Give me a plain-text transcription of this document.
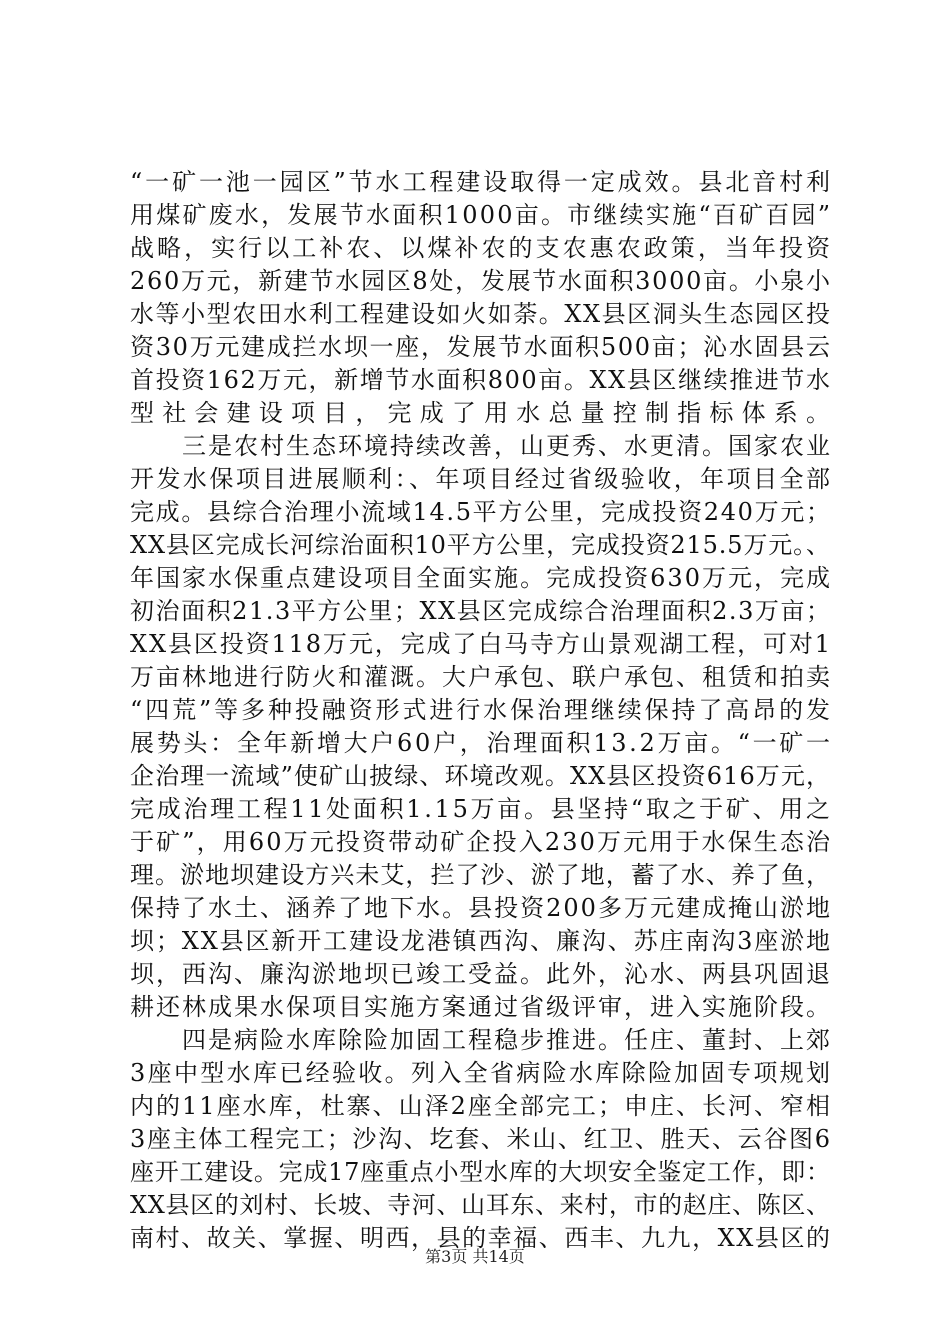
“一矿一池一园区”节水工程建设取得一定成效。县北音村利
用煤矿废水，发展节水面积1000亩。市继续实施“百矿百园”
战略，实行以工补农、以煤补农的支农惠农政策，当年投资
260万元，新建节水园区8处，发展节水面积3000亩。小泉小
水等小型农田水利工程建设如火如荼。XX县区洞头生态园区投
资30万元建成拦水坝一座，发展节水面积500亩；沁水固县云
首投资162万元，新增节水面积800亩。XX县区继续推进节水
型社会建设项目，完成了用水总量控制指标体系。

　　三是农村生态环境持续改善，山更秀、水更清。国家农业
开发水保项目进展顺利：、年项目经过省级验收，年项目全部
完成。县综合治理小流域14.5平方公里，完成投资240万元；
XX县区完成长河综治面积10平方公里，完成投资215.5万元。、
年国家水保重点建设项目全面实施。完成投资630万元，完成
初治面积21.3平方公里；XX县区完成综合治理面积2.3万亩；
XX县区投资118万元，完成了白马寺方山景观湖工程，可对1
万亩林地进行防火和灌溉。大户承包、联户承包、租赁和拍卖
“四荒”等多种投融资形式进行水保治理继续保持了高昂的发
展势头：全年新增大户60户，治理面积13.2万亩。“一矿一
企治理一流域”使矿山披绿、环境改观。XX县区投资616万元，
完成治理工程11处面积1.15万亩。县坚持“取之于矿、用之
于矿”，用60万元投资带动矿企投入230万元用于水保生态治
理。淤地坝建设方兴未艾，拦了沙、淤了地，蓄了水、养了鱼，
保持了水土、涵养了地下水。县投资200多万元建成掩山淤地
坝；XX县区新开工建设龙港镇西沟、廉沟、苏庄南沟3座淤地
坝，西沟、廉沟淤地坝已竣工受益。此外，沁水、两县巩固退
耕还林成果水保项目实施方案通过省级评审，进入实施阶段。

　　四是病险水库除险加固工程稳步推进。任庄、董封、上郊
3座中型水库已经验收。列入全省病险水库除险加固专项规划
内的11座水库，杜寨、山泽2座全部完工；申庄、长河、窄相
3座主体工程完工；沙沟、圪套、米山、红卫、胜天、云谷图6
座开工建设。完成17座重点小型水库的大坝安全鉴定工作，即：
XX县区的刘村、长坡、寺河、山耳东、来村，市的赵庄、陈区、
南村、故关、掌握、明西，县的幸福、西丰、九九，XX县区的

第3页 共14页
